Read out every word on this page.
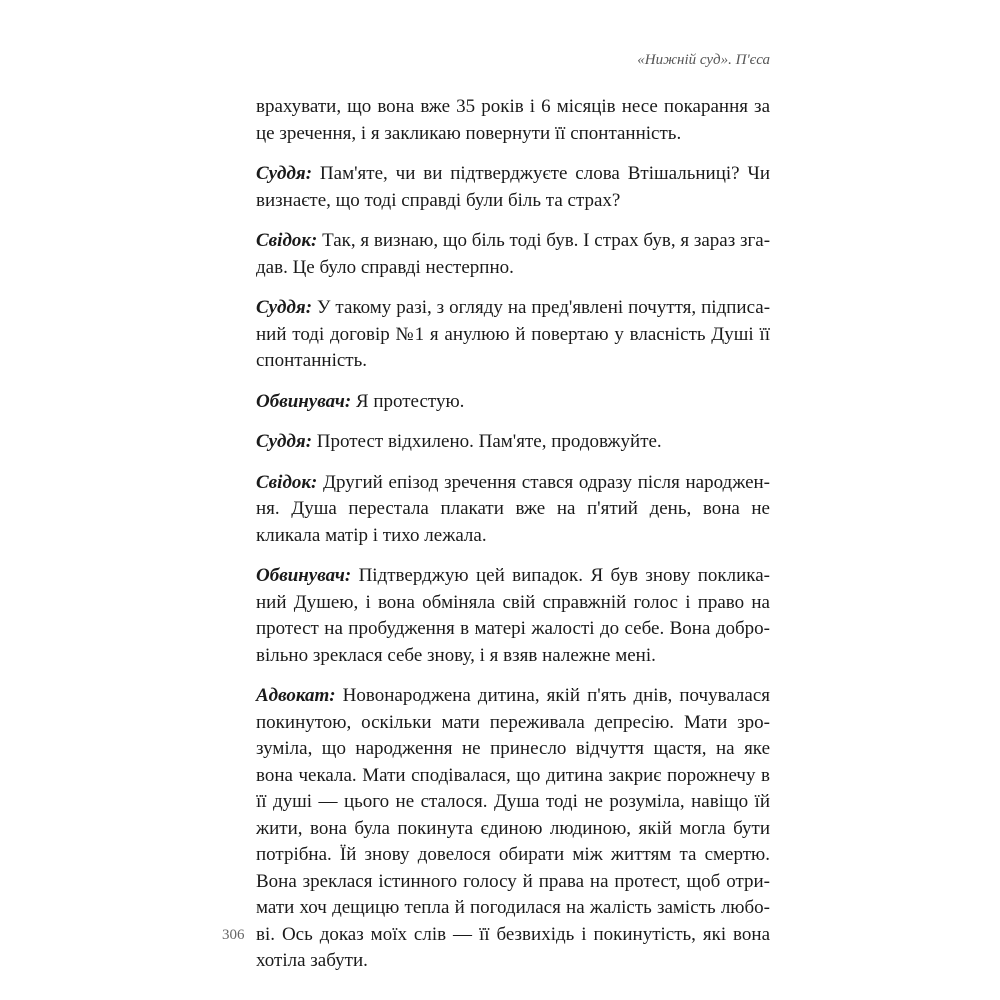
«Нижній суд». П'єса

врахувати, що вона вже 35 років і 6 місяців несе покарання за це зречення, і я закликаю повернути її спонтанність.

Суддя: Пам'яте, чи ви підтверджуєте слова Втішальниці? Чи визнаєте, що тоді справді були біль та страх?

Свідок: Так, я визнаю, що біль тоді був. І страх був, я зараз згадав. Це було справді нестерпно.

Суддя: У такому разі, з огляду на пред'явлені почуття, підписаний тоді договір №1 я анулюю й повертаю у власність Душі її спонтанність.

Обвинувач: Я протестую.

Суддя: Протест відхилено. Пам'яте, продовжуйте.

Свідок: Другий епізод зречення стався одразу після народження. Душа перестала плакати вже на п'ятий день, вона не кликала матір і тихо лежала.

Обвинувач: Підтверджую цей випадок. Я був знову покликаний Душею, і вона обміняла свій справжній голос і право на протест на пробудження в матері жалості до себе. Вона добровільно зреклася себе знову, і я взяв належне мені.

Адвокат: Новонароджена дитина, якій п'ять днів, почувалася покинутою, оскільки мати переживала депресію. Мати зрозуміла, що народження не принесло відчуття щастя, на яке вона чекала. Мати сподівалася, що дитина закриє порожнечу в її душі — цього не сталося. Душа тоді не розуміла, навіщо їй жити, вона була покинута єдиною людиною, якій могла бути потрібна. Їй знову довелося обирати між життям та смертю. Вона зреклася істинного голосу й права на протест, щоб отримати хоч дещицю тепла й погодилася на жалість замість любові. Ось доказ моїх слів — її безвихідь і покинутість, які вона хотіла забути.

306
